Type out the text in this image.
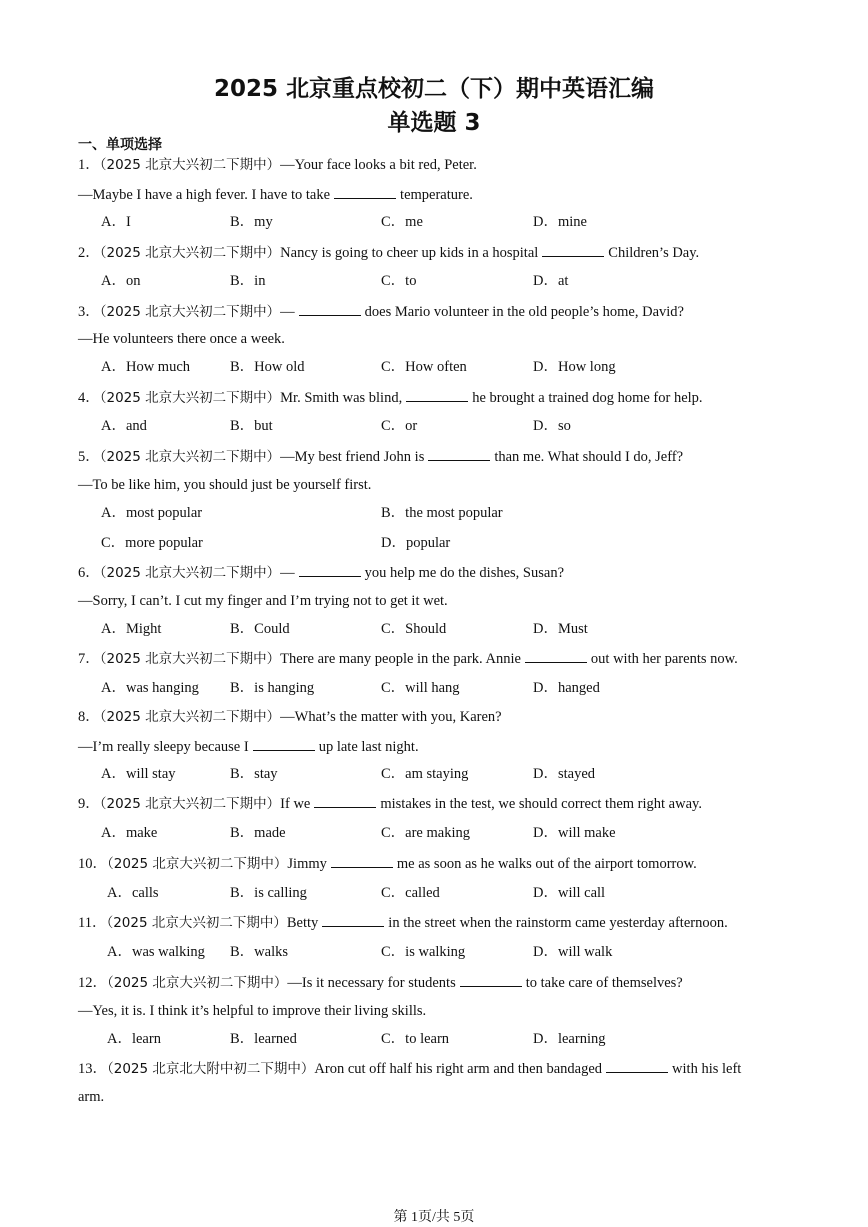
2025 北京重点校初二（下）期中英语汇编
单选题 3
一、单项选择
1．（2025 北京大兴初二下期中）—Your face looks a bit red, Peter.
—Maybe I have a high fever. I have to take	temperature.
A．I	B．my	C．me	D．mine
2．（2025 北京大兴初二下期中）Nancy is going to cheer up kids in a hospital	Children’s Day.
A．on	B．in	C．to	D．at
3．（2025 北京大兴初二下期中）—	does Mario volunteer in the old people’s home, David?
—He volunteers there once a week.
A．How much	B．How old	C．How often	D．How long
4．（2025 北京大兴初二下期中）Mr. Smith was blind,	he brought a trained dog home for help.
A．and	B．but	C．or	D．so
5．（2025 北京大兴初二下期中）—My best friend John is	than me. What should I do, Jeff?
—To be like him, you should just be yourself first.
A．most popular	B．the most popular
C．more popular	D．popular
6．（2025 北京大兴初二下期中）—	you help me do the dishes, Susan?
—Sorry, I can’t. I cut my finger and I’m trying not to get it wet.
A．Might	B．Could	C．Should	D．Must
7．（2025 北京大兴初二下期中）There are many people in the park. Annie	out with her parents now.
A．was hanging B．is hanging	C．will hang	D．hanged
8．（2025 北京大兴初二下期中）—What’s the matter with you, Karen?
—I’m really sleepy because I	up late last night.
A．will stay	B．stay	C．am staying	D．stayed
9．（2025 北京大兴初二下期中）If we	mistakes in the test, we should correct them right away.
A．make	B．made	C．are making	D．will make
10．（2025 北京大兴初二下期中）Jimmy	me as soon as he walks out of the airport tomorrow.
A．calls	B．is calling	C．called	D．will call
11．（2025 北京大兴初二下期中）Betty	in the street when the rainstorm came yesterday afternoon.
A．was walking B．walks	C．is walking	D．will walk
12．（2025 北京大兴初二下期中）—Is it necessary for students	to take care of themselves?
—Yes, it is. I think it’s helpful to improve their living skills.
A．learn	B．learned	C．to learn	D．learning
13．（2025 北京北大附中初二下期中）Aron cut off half his right arm and then bandaged	with his left
arm.
第 1页/共 5页
